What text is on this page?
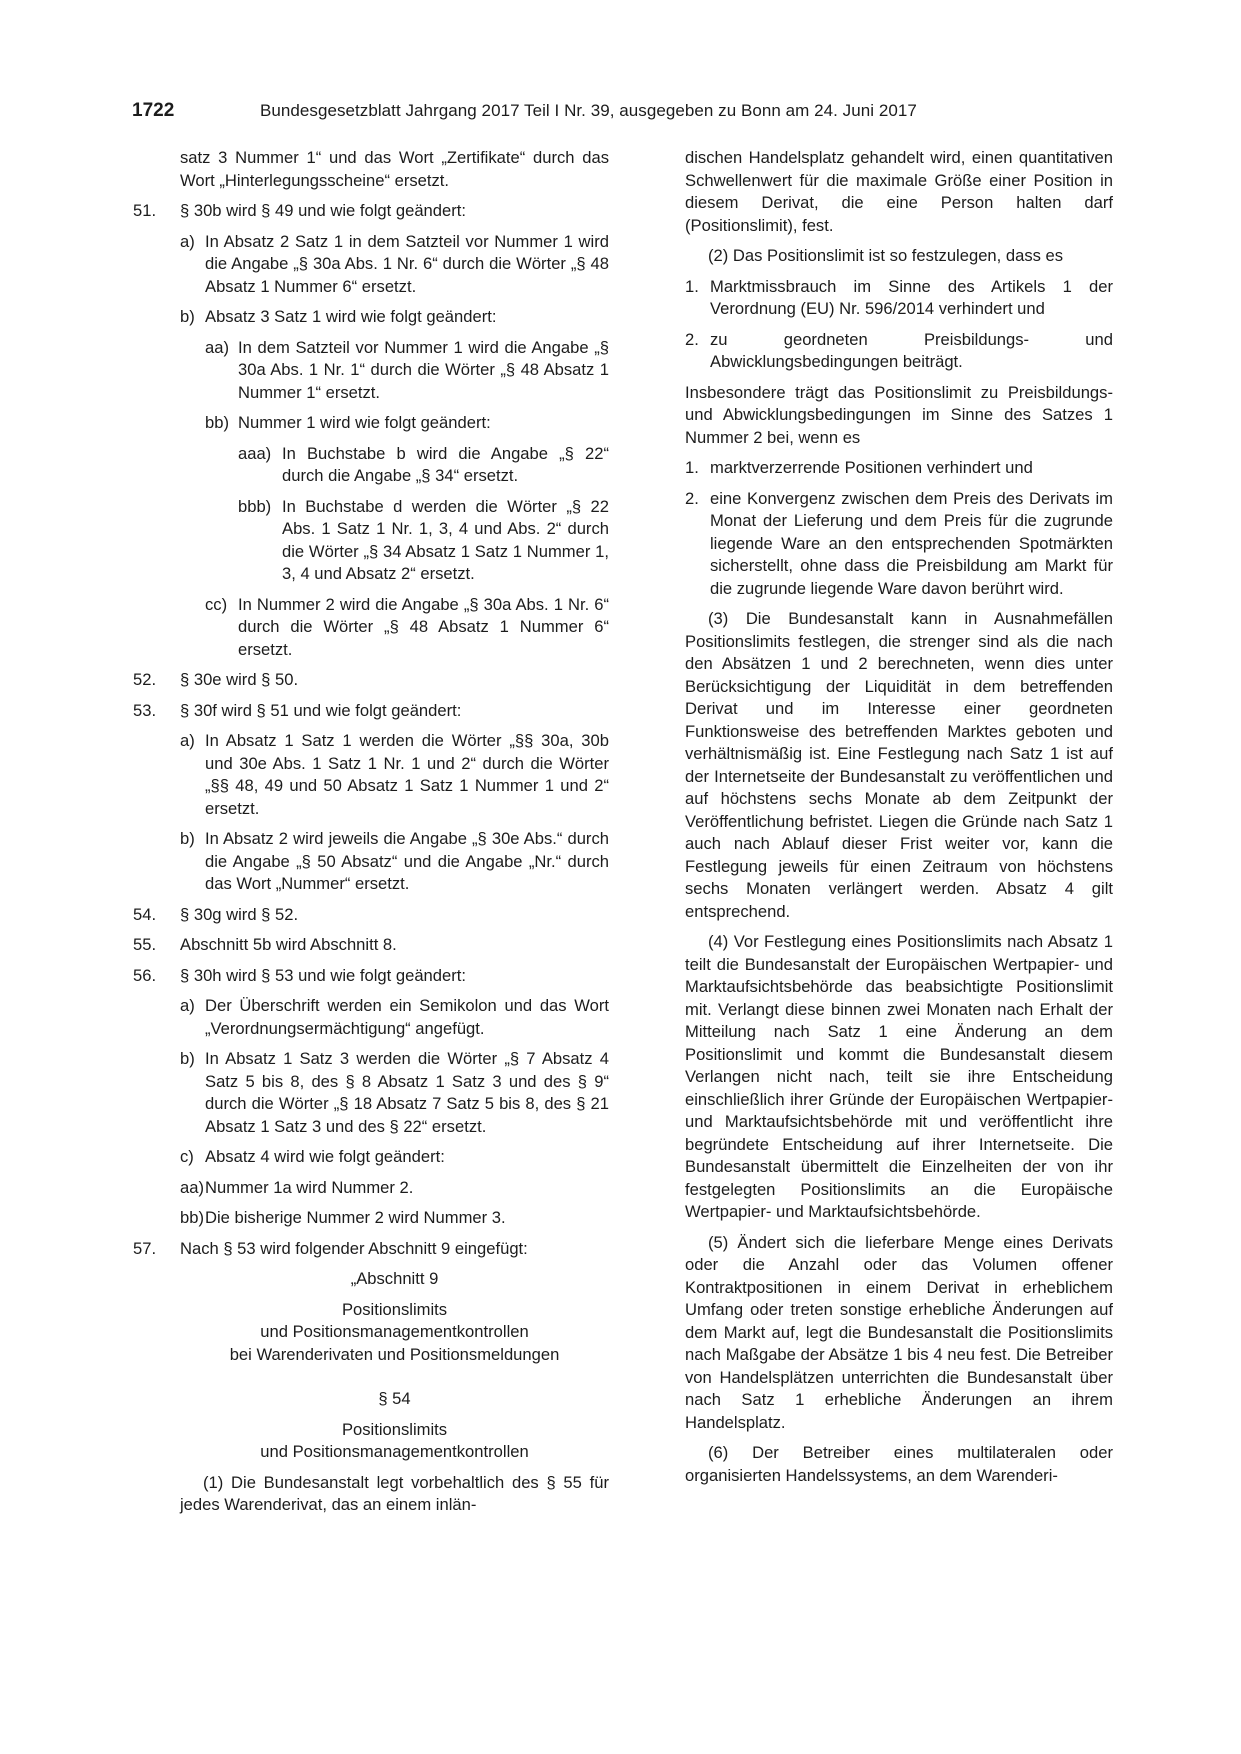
1722	Bundesgesetzblatt Jahrgang 2017 Teil I Nr. 39, ausgegeben zu Bonn am 24. Juni 2017
satz 3 Nummer 1“ und das Wort „Zertifikate“ durch das Wort „Hinterlegungsscheine“ ersetzt.
51.	§ 30b wird § 49 und wie folgt geändert:
a) In Absatz 2 Satz 1 in dem Satzteil vor Nummer 1 wird die Angabe „§ 30a Abs. 1 Nr. 6“ durch die Wörter „§ 48 Absatz 1 Nummer 6“ ersetzt.
b) Absatz 3 Satz 1 wird wie folgt geändert:
aa) In dem Satzteil vor Nummer 1 wird die Angabe „§ 30a Abs. 1 Nr. 1“ durch die Wörter „§ 48 Absatz 1 Nummer 1“ ersetzt.
bb) Nummer 1 wird wie folgt geändert:
aaa) In Buchstabe b wird die Angabe „§ 22“ durch die Angabe „§ 34“ ersetzt.
bbb) In Buchstabe d werden die Wörter „§ 22 Abs. 1 Satz 1 Nr. 1, 3, 4 und Abs. 2“ durch die Wörter „§ 34 Absatz 1 Satz 1 Nummer 1, 3, 4 und Absatz 2“ ersetzt.
cc) In Nummer 2 wird die Angabe „§ 30a Abs. 1 Nr. 6“ durch die Wörter „§ 48 Absatz 1 Nummer 6“ ersetzt.
52.	§ 30e wird § 50.
53.	§ 30f wird § 51 und wie folgt geändert:
a) In Absatz 1 Satz 1 werden die Wörter „§§ 30a, 30b und 30e Abs. 1 Satz 1 Nr. 1 und 2“ durch die Wörter „§§ 48, 49 und 50 Absatz 1 Satz 1 Nummer 1 und 2“ ersetzt.
b) In Absatz 2 wird jeweils die Angabe „§ 30e Abs.“ durch die Angabe „§ 50 Absatz“ und die Angabe „Nr.“ durch das Wort „Nummer“ ersetzt.
54.	§ 30g wird § 52.
55.	Abschnitt 5b wird Abschnitt 8.
56.	§ 30h wird § 53 und wie folgt geändert:
a) Der Überschrift werden ein Semikolon und das Wort „Verordnungsermächtigung“ angefügt.
b) In Absatz 1 Satz 3 werden die Wörter „§ 7 Absatz 4 Satz 5 bis 8, des § 8 Absatz 1 Satz 3 und des § 9“ durch die Wörter „§ 18 Absatz 7 Satz 5 bis 8, des § 21 Absatz 1 Satz 3 und des § 22“ ersetzt.
c) Absatz 4 wird wie folgt geändert:
aa) Nummer 1a wird Nummer 2.
bb) Die bisherige Nummer 2 wird Nummer 3.
57.	Nach § 53 wird folgender Abschnitt 9 eingefügt:
„Abschnitt 9
Positionslimits
und Positionsmanagementkontrollen
bei Warenderivaten und Positionsmeldungen
§ 54
Positionslimits
und Positionsmanagementkontrollen
(1) Die Bundesanstalt legt vorbehaltlich des § 55 für jedes Warenderivat, das an einem inlän-
dischen Handelsplatz gehandelt wird, einen quantitativen Schwellenwert für die maximale Größe einer Position in diesem Derivat, die eine Person halten darf (Positionslimit), fest.
(2) Das Positionslimit ist so festzulegen, dass es
1. Marktmissbrauch im Sinne des Artikels 1 der Verordnung (EU) Nr. 596/2014 verhindert und
2. zu geordneten Preisbildungs- und Abwicklungsbedingungen beiträgt.
Insbesondere trägt das Positionslimit zu Preisbildungs- und Abwicklungsbedingungen im Sinne des Satzes 1 Nummer 2 bei, wenn es
1. marktverzerrende Positionen verhindert und
2. eine Konvergenz zwischen dem Preis des Derivats im Monat der Lieferung und dem Preis für die zugrunde liegende Ware an den entsprechenden Spotmärkten sicherstellt, ohne dass die Preisbildung am Markt für die zugrunde liegende Ware davon berührt wird.
(3) Die Bundesanstalt kann in Ausnahmefällen Positionslimits festlegen, die strenger sind als die nach den Absätzen 1 und 2 berechneten, wenn dies unter Berücksichtigung der Liquidität in dem betreffenden Derivat und im Interesse einer geordneten Funktionsweise des betreffenden Marktes geboten und verhältnismäßig ist. Eine Festlegung nach Satz 1 ist auf der Internetseite der Bundesanstalt zu veröffentlichen und auf höchstens sechs Monate ab dem Zeitpunkt der Veröffentlichung befristet. Liegen die Gründe nach Satz 1 auch nach Ablauf dieser Frist weiter vor, kann die Festlegung jeweils für einen Zeitraum von höchstens sechs Monaten verlängert werden. Absatz 4 gilt entsprechend.
(4) Vor Festlegung eines Positionslimits nach Absatz 1 teilt die Bundesanstalt der Europäischen Wertpapier- und Marktaufsichtsbehörde das beabsichtigte Positionslimit mit. Verlangt diese binnen zwei Monaten nach Erhalt der Mitteilung nach Satz 1 eine Änderung an dem Positionslimit und kommt die Bundesanstalt diesem Verlangen nicht nach, teilt sie ihre Entscheidung einschließlich ihrer Gründe der Europäischen Wertpapier- und Marktaufsichtsbehörde mit und veröffentlicht ihre begründete Entscheidung auf ihrer Internetseite. Die Bundesanstalt übermittelt die Einzelheiten der von ihr festgelegten Positionslimits an die Europäische Wertpapier- und Marktaufsichtsbehörde.
(5) Ändert sich die lieferbare Menge eines Derivats oder die Anzahl oder das Volumen offener Kontraktpositionen in einem Derivat in erheblichem Umfang oder treten sonstige erhebliche Änderungen auf dem Markt auf, legt die Bundesanstalt die Positionslimits nach Maßgabe der Absätze 1 bis 4 neu fest. Die Betreiber von Handelsplätzen unterrichten die Bundesanstalt über nach Satz 1 erhebliche Änderungen an ihrem Handelsplatz.
(6) Der Betreiber eines multilateralen oder organisierten Handelssystems, an dem Warenderi-
